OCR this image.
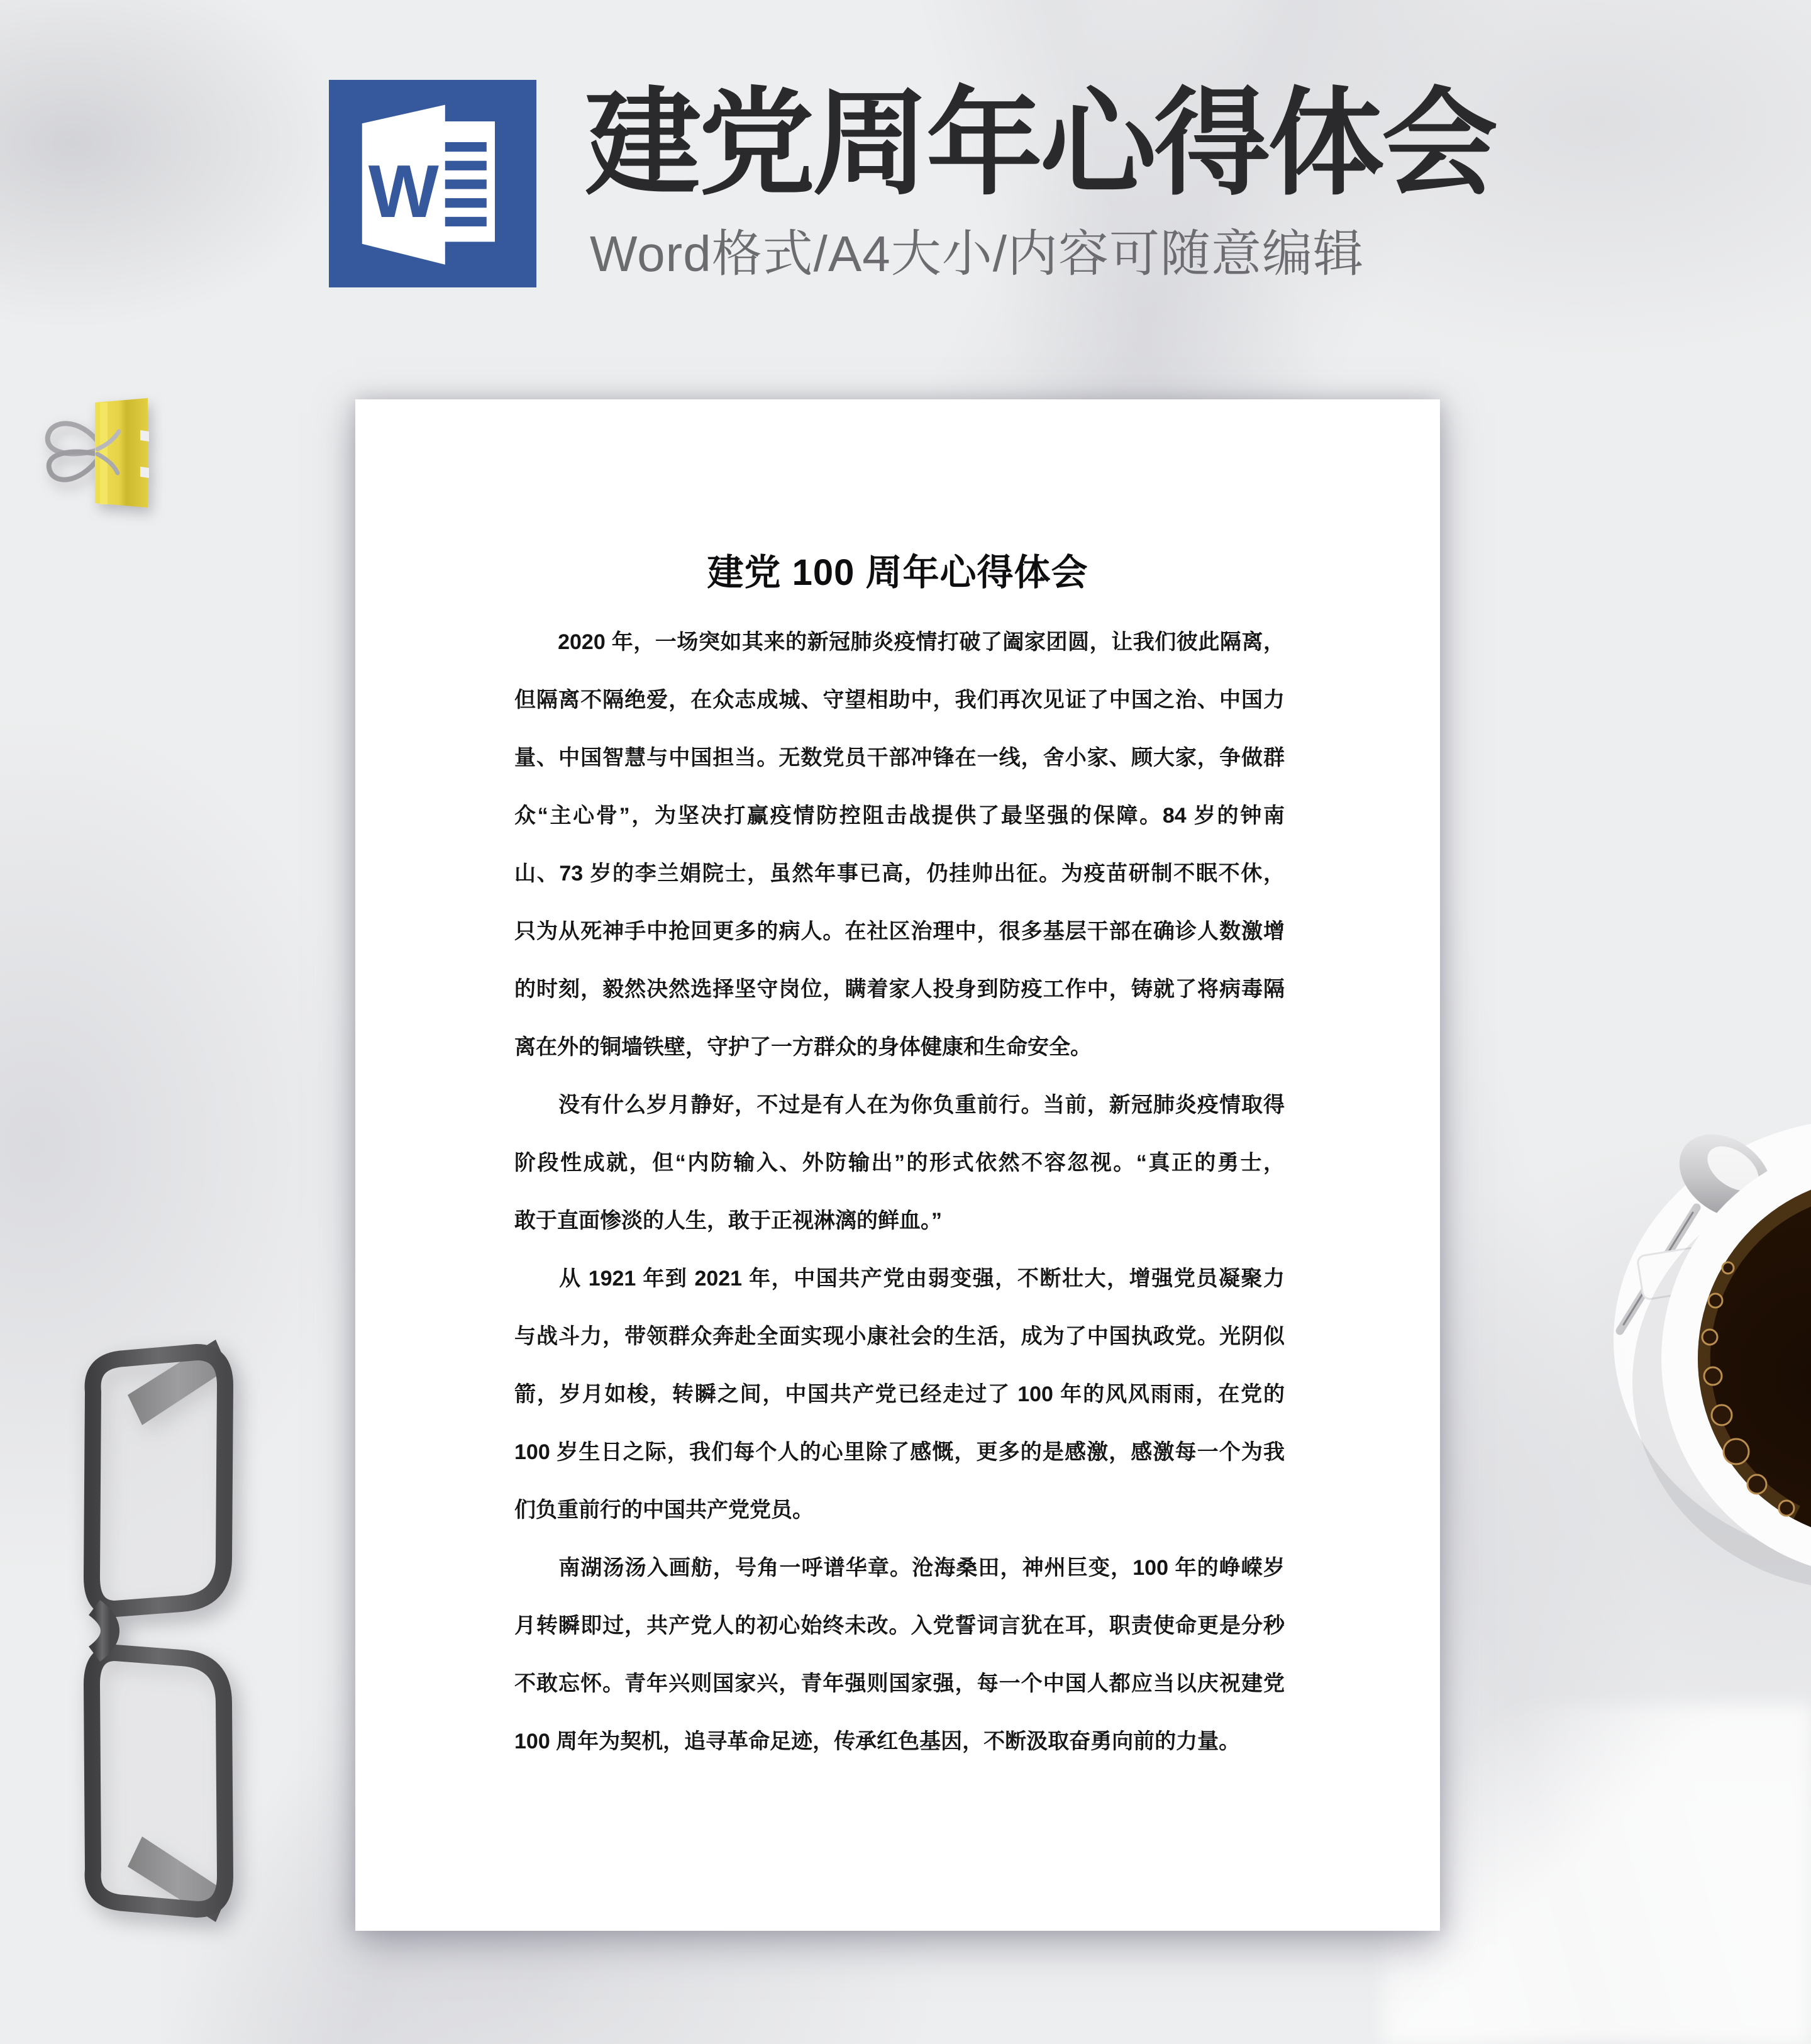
W 建党周年心得体会
Word格式/A4大小/内容可随意编辑
建党 100 周年心得体会
　　2020 年，一场突如其来的新冠肺炎疫情打破了阖家团圆，让我们彼此隔离，
但隔离不隔绝爱，在众志成城、守望相助中，我们再次见证了中国之治、中国力
量、中国智慧与中国担当。无数党员干部冲锋在一线，舍小家、顾大家，争做群
众“主心骨”，为坚决打赢疫情防控阻击战提供了最坚强的保障。84 岁的钟南
山、73 岁的李兰娟院士，虽然年事已高，仍挂帅出征。为疫苗研制不眠不休，
只为从死神手中抢回更多的病人。在社区治理中，很多基层干部在确诊人数激增
的时刻，毅然决然选择坚守岗位，瞒着家人投身到防疫工作中，铸就了将病毒隔
离在外的铜墙铁壁，守护了一方群众的身体健康和生命安全。
　　没有什么岁月静好，不过是有人在为你负重前行。当前，新冠肺炎疫情取得
阶段性成就，但“内防输入、外防输出”的形式依然不容忽视。“真正的勇士，
敢于直面惨淡的人生，敢于正视淋漓的鲜血。”
　　从 1921 年到 2021 年，中国共产党由弱变强，不断壮大，增强党员凝聚力
与战斗力，带领群众奔赴全面实现小康社会的生活，成为了中国执政党。光阴似
箭，岁月如梭，转瞬之间，中国共产党已经走过了 100 年的风风雨雨，在党的
100 岁生日之际，我们每个人的心里除了感慨，更多的是感激，感激每一个为我
们负重前行的中国共产党党员。
　　南湖汤汤入画舫，号角一呼谱华章。沧海桑田，神州巨变，100 年的峥嵘岁
月转瞬即过，共产党人的初心始终未改。入党誓词言犹在耳，职责使命更是分秒
不敢忘怀。青年兴则国家兴，青年强则国家强，每一个中国人都应当以庆祝建党
100 周年为契机，追寻革命足迹，传承红色基因，不断汲取奋勇向前的力量。
